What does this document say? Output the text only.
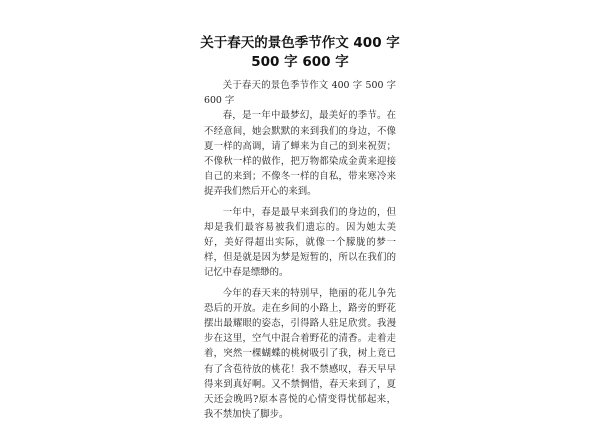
关于春天的景色季节作文 400 字 500 字 600 字

关于春天的景色季节作文 400 字 500 字 600 字

春，是一年中最梦幻，最美好的季节。在不经意间，她会默默的来到我们的身边，不像夏一样的高调，请了蝉来为自己的到来祝贺；不像秋一样的做作，把万物都染成金黄来迎接自己的来到；不像冬一样的自私，带来寒冷来捉弄我们然后开心的来到。

一年中，春是最早来到我们的身边的，但却是我们最容易被我们遗忘的。因为她太美好，美好得超出实际，就像一个朦胧的梦一样，但是就是因为梦是短暂的，所以在我们的记忆中春是缥缈的。

今年的春天来的特别早，艳丽的花儿争先恐后的开放。走在乡间的小路上，路旁的野花摆出最耀眼的姿态，引得路人驻足欣赏。我漫步在这里，空气中混合着野花的清香。走着走着，突然一棵蝴蝶的桃树吸引了我，树上竟已有了含苞待放的桃花！我不禁感叹，春天早早得来到真好啊。又不禁惆惜，春天来到了，夏天还会晚吗?原本喜悦的心情变得忧郁起来，我不禁加快了脚步。
